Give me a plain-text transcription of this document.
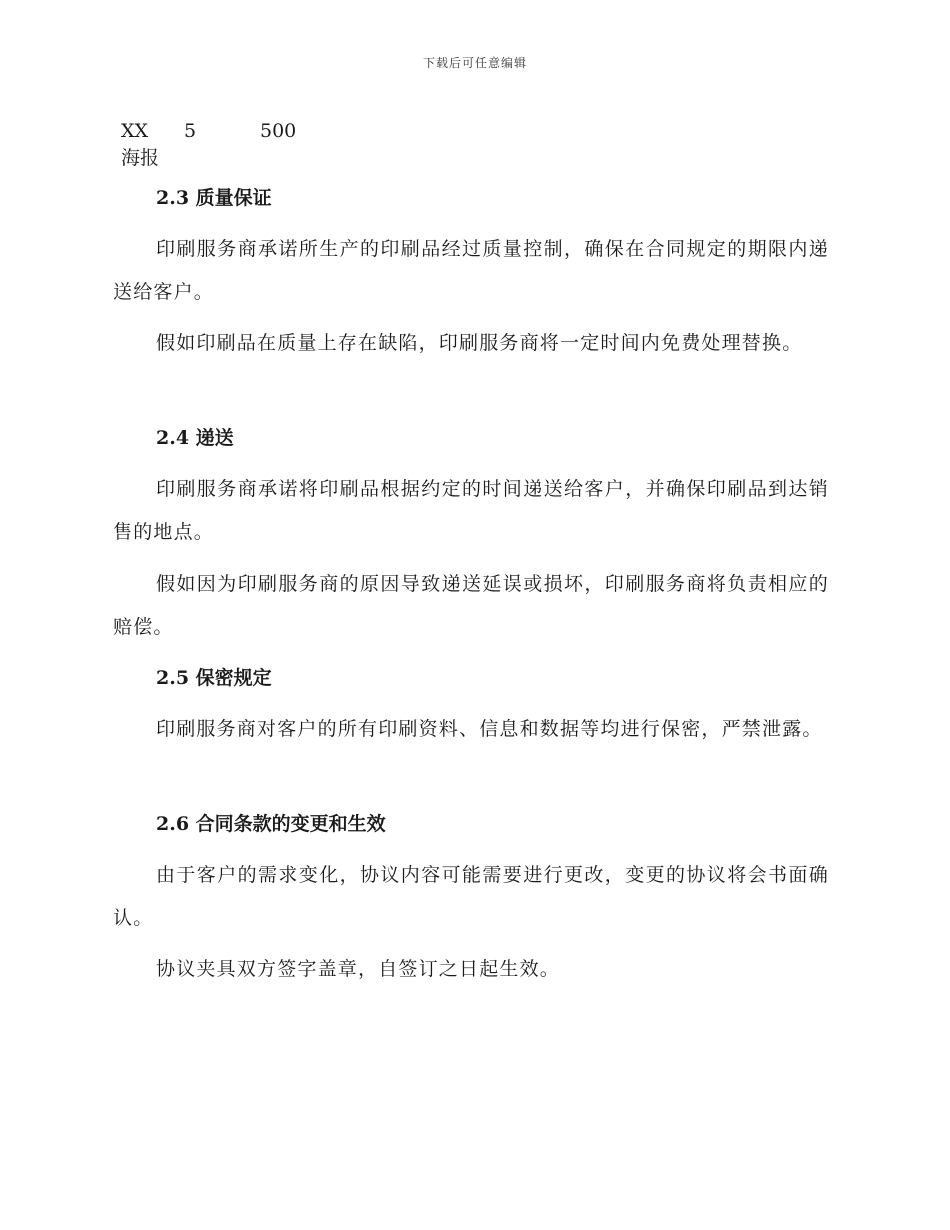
下载后可任意编辑
XX 5	500
海报
2.3 质量保证
印刷服务商承诺所生产的印刷品经过质量控制，确保在合同规定的期限内递送给客户。
假如印刷品在质量上存在缺陷，印刷服务商将一定时间内免费处理替换。
2.4 递送
印刷服务商承诺将印刷品根据约定的时间递送给客户，并确保印刷品到达销售的地点。
假如因为印刷服务商的原因导致递送延误或损坏，印刷服务商将负责相应的赔偿。
2.5 保密规定
印刷服务商对客户的所有印刷资料、信息和数据等均进行保密，严禁泄露。
2.6 合同条款的变更和生效
由于客户的需求变化，协议内容可能需要进行更改，变更的协议将会书面确认。
协议夹具双方签字盖章，自签订之日起生效。
